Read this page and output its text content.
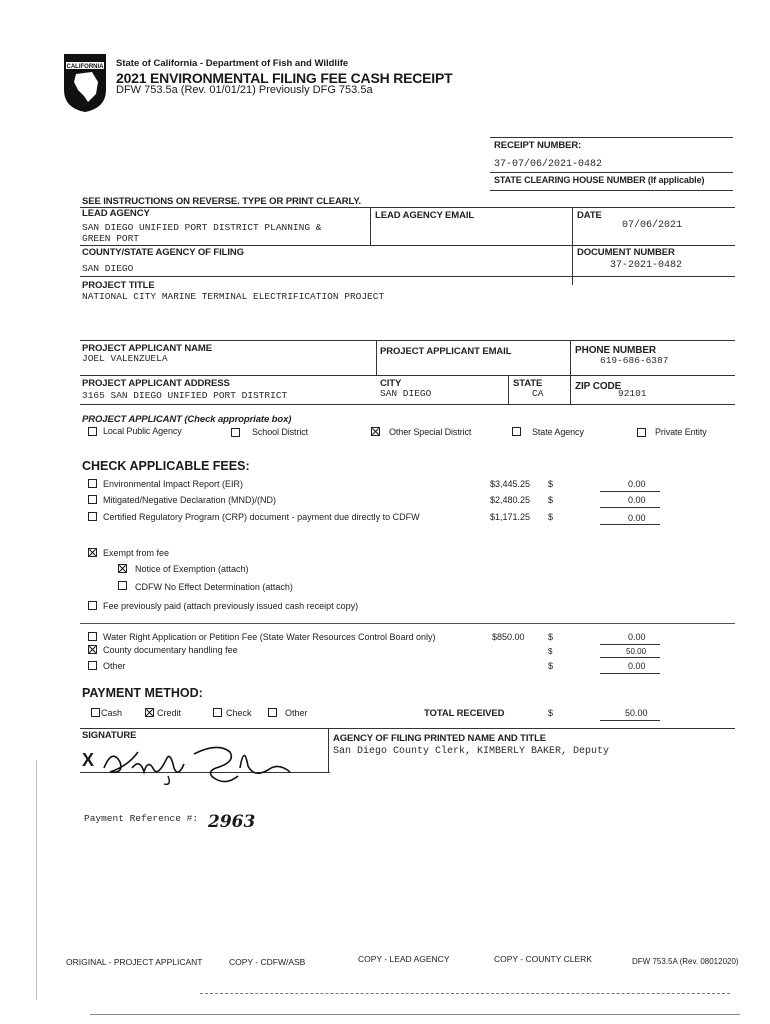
CALIFORNIA State of California - Department of Fish and Wildlife
2021 ENVIRONMENTAL FILING FEE CASH RECEIPT
DFW 753.5a (Rev. 01/01/21) Previously DFG 753.5a
RECEIPT NUMBER:
37-07/06/2021-0482
STATE CLEARING HOUSE NUMBER (If applicable)
SEE INSTRUCTIONS ON REVERSE. TYPE OR PRINT CLEARLY.
LEAD AGENCY
SAN DIEGO UNIFIED PORT DISTRICT PLANNING &
GREEN PORT
LEAD AGENCY EMAIL	DATE
07/06/2021
COUNTY/STATE AGENCY OF FILING
SAN DIEGO
DOCUMENT NUMBER
37-2021-0482
PROJECT TITLE
NATIONAL CITY MARINE TERMINAL ELECTRIFICATION PROJECT
PROJECT APPLICANT NAME
JOEL VALENZUELA
PROJECT APPLICANT EMAIL	PHONE NUMBER
619-686-6387
PROJECT APPLICANT ADDRESS
3165 SAN DIEGO UNIFIED PORT DISTRICT
CITY
SAN DIEGO
STATE
CA
ZIP CODE
92101
PROJECT APPLICANT (Check appropriate box)
Local Public Agency	School District	Other Special District	State Agency	Private Entity
CHECK APPLICABLE FEES:
Environmental Impact Report (EIR)	$3,445.25 $	0.00
Mitigated/Negative Declaration (MND)/(ND)	$2,480.25 $	0.00
Certified Regulatory Program (CRP) document - payment due directly to CDFW	$1,171.25 $	0.00
Exempt from fee
Notice of Exemption (attach)
CDFW No Effect Determination (attach)
Fee previously paid (attach previously issued cash receipt copy)
Water Right Application or Petition Fee (State Water Resources Control Board only)	$850.00	$	0.00
County documentary handling fee	$	50.00
Other	$	0.00
PAYMENT METHOD:
Cash	Credit	Check	Other	TOTAL RECEIVED	$	50.00
SIGNATURE	AGENCY OF FILING PRINTED NAME AND TITLE
San Diego County Clerk, KIMBERLY BAKER, Deputy
X
Payment Reference #: 2963
ORIGINAL - PROJECT APPLICANT	COPY - CDFW/ASB	COPY - LEAD AGENCY	COPY - COUNTY CLERK	DFW 753.5A (Rev. 08012020)
